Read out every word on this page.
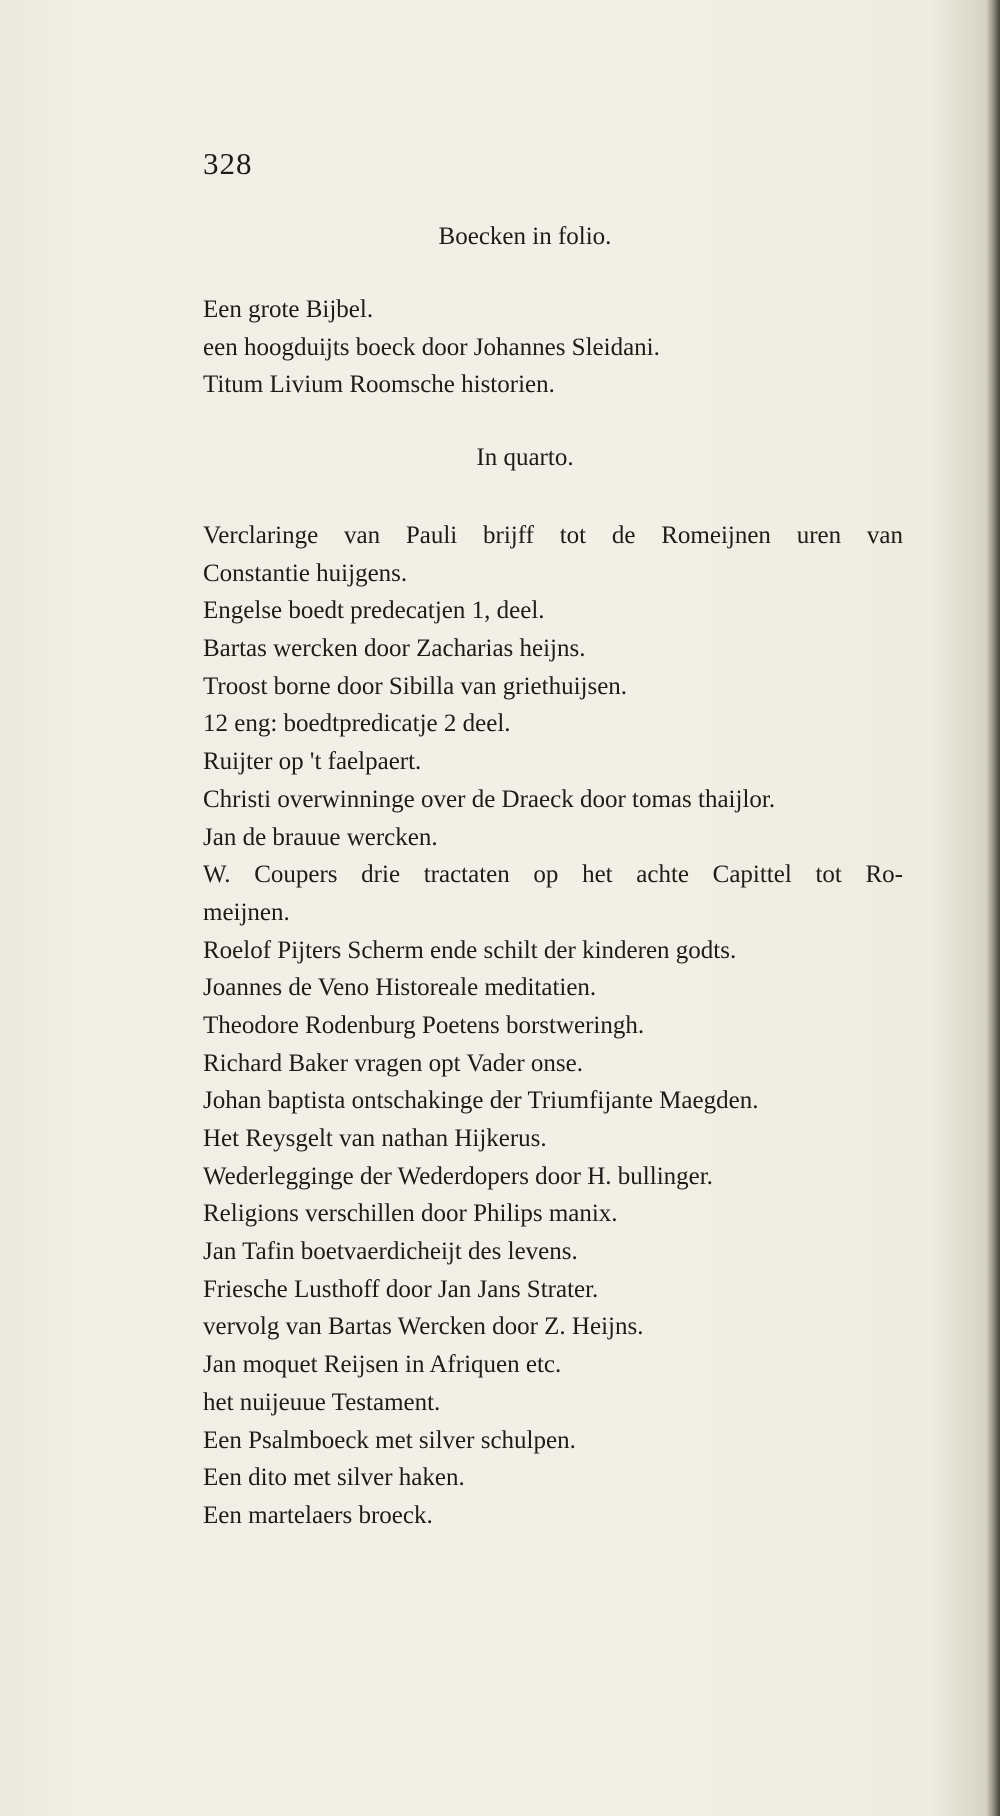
328
Boecken in folio.
Een grote Bijbel.
een hoogduijts boeck door Johannes Sleidani.
Titum Livium Roomsche historien.
In quarto.
Verclaringe van Pauli brijff tot de Romeijnen uren van
Constantie huijgens.
Engelse boedt predecatjen 1, deel.
Bartas wercken door Zacharias heijns.
Troost borne door Sibilla van griethuijsen.
12 eng: boedtpredicatje 2 deel.
Ruijter op 't faelpaert.
Christi overwinninge over de Draeck door tomas thaijlor.
Jan de brauue wercken.
W. Coupers drie tractaten op het achte Capittel tot Ro-
meijnen.
Roelof Pijters Scherm ende schilt der kinderen godts.
Joannes de Veno Historeale meditatien.
Theodore Rodenburg Poetens borstweringh.
Richard Baker vragen opt Vader onse.
Johan baptista ontschakinge der Triumfijante Maegden.
Het Reysgelt van nathan Hijkerus.
Wederlegginge der Wederdopers door H. bullinger.
Religions verschillen door Philips manix.
Jan Tafin boetvaerdicheijt des levens.
Friesche Lusthoff door Jan Jans Strater.
vervolg van Bartas Wercken door Z. Heijns.
Jan moquet Reijsen in Afriquen etc.
het nuijeuue Testament.
Een Psalmboeck met silver schulpen.
Een dito met silver haken.
Een martelaers broeck.
